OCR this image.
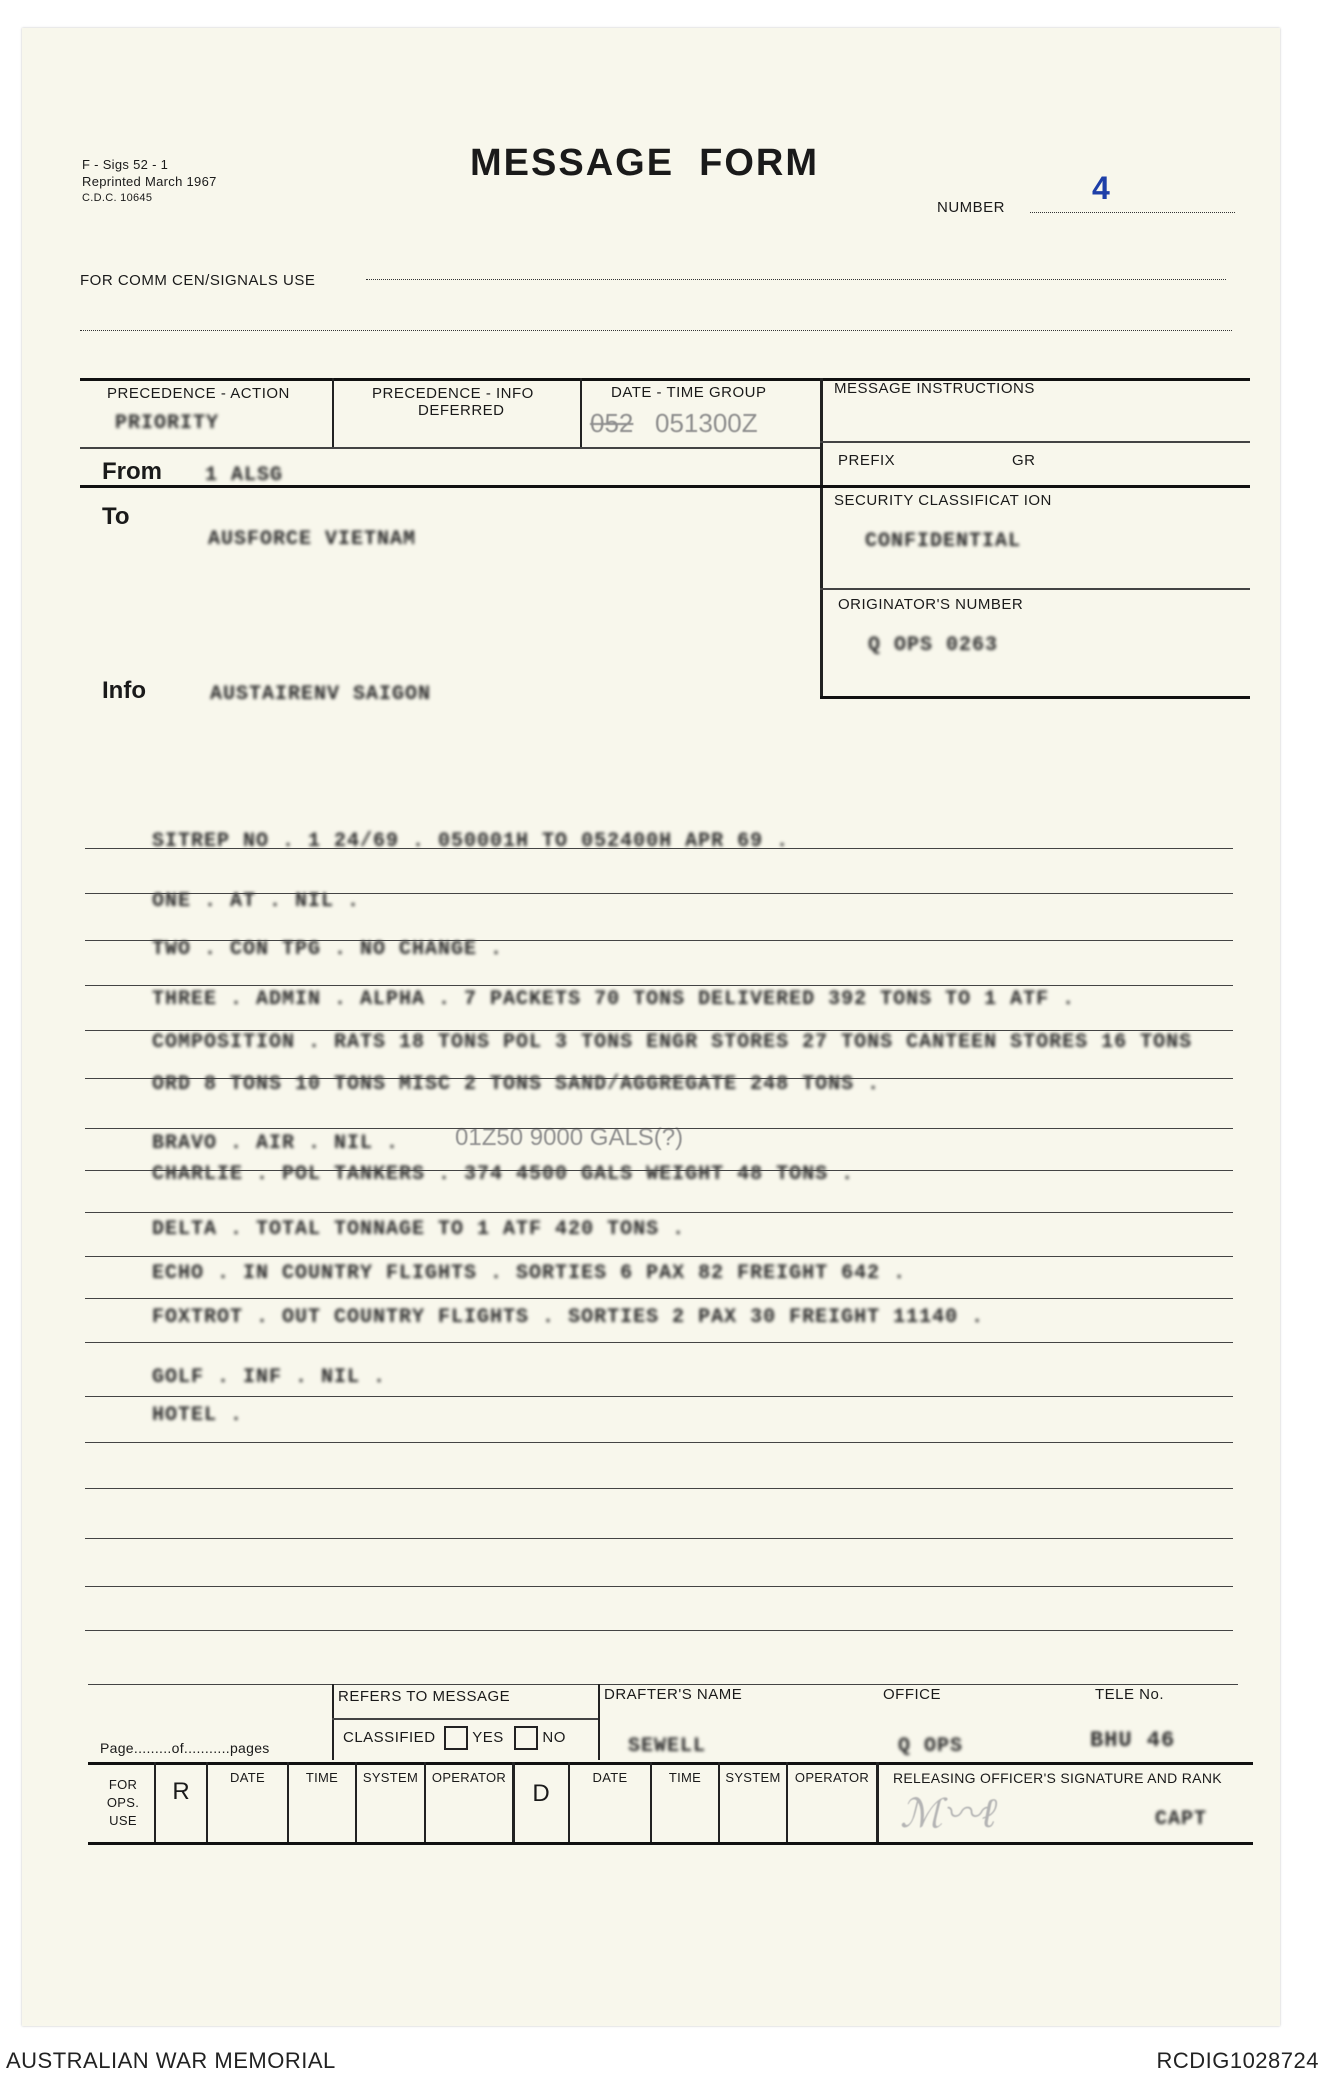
F - Sigs 52 - 1
Reprinted March 1967
C.D.C. 10645
MESSAGE  FORM
NUMBER
4
FOR COMM CEN/SIGNALS USE
PRECEDENCE - ACTION
PRIORITY
PRECEDENCE - INFO
DEFERRED
DATE - TIME GROUP
052 051300Z
MESSAGE INSTRUCTIONS
PREFIX	GR
SECURITY CLASSIFICAT ION
CONFIDENTIAL
ORIGINATOR'S NUMBER
Q OPS 0263
From 1 ALSG
To
AUSFORCE VIETNAM
Info	AUSTAIRENV SAIGON
SITREP NO . 1 24/69 . 050001H TO 052400H APR 69 .
ONE . AT . NIL .
TWO . CON TPG . NO CHANGE .
THREE . ADMIN . ALPHA . 7 PACKETS 70 TONS DELIVERED 392 TONS TO 1 ATF .
COMPOSITION . RATS 18 TONS POL 3 TONS ENGR STORES 27 TONS CANTEEN STORES 16 TONS
ORD 8 TONS 10 TONS MISC 2 TONS SAND/AGGREGATE 248 TONS .
BRAVO . AIR . NIL .
CHARLIE . POL TANKERS . 374 4500 GALS WEIGHT 48 TONS .
DELTA . TOTAL TONNAGE TO 1 ATF 420 TONS .
ECHO . IN COUNTRY FLIGHTS . SORTIES 6 PAX 82 FREIGHT 642 .
FOXTROT . OUT COUNTRY FLIGHTS . SORTIES 2 PAX 30 FREIGHT 11140 .
GOLF . INF . NIL .
HOTEL .
01Z50 9000 GALS(?)
REFERS TO MESSAGE
CLASSIFIED YES	NO
Page.........of...........pages
DRAFTER'S NAME
SEWELL
OFFICE
Q OPS
TELE No.
BHU 46
FOR
OPS.
USE
R
DATE	TIME	SYSTEM	OPERATOR
D
DATE	TIME	SYSTEM	OPERATOR	RELEASING OFFICER'S SIGNATURE AND RANK
ℳ〰︎ℓ	CAPT
AUSTRALIAN WAR MEMORIAL	RCDIG1028724
